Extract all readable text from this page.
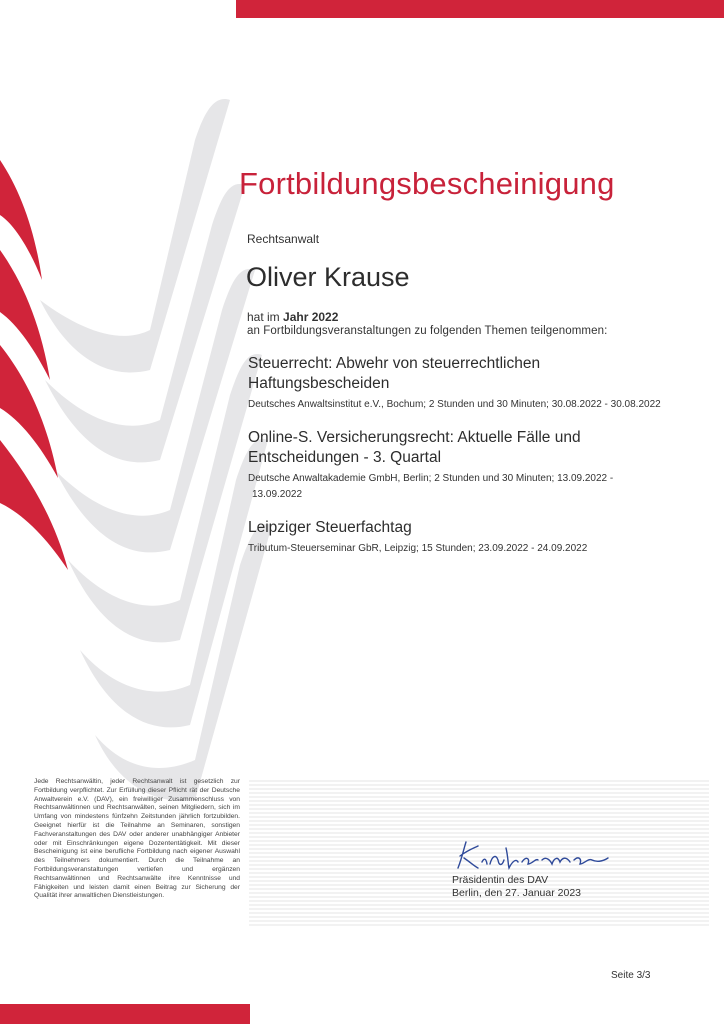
Fortbildungsbescheinigung
Rechtsanwalt
Oliver Krause
hat im Jahr 2022
an Fortbildungsveranstaltungen zu folgenden Themen teilgenommen:
Steuerrecht: Abwehr von steuerrechtlichen
Haftungsbescheiden
Deutsches Anwaltsinstitut e.V., Bochum; 2 Stunden und 30 Minuten; 30.08.2022 - 30.08.2022
Online-S. Versicherungsrecht: Aktuelle Fälle und
Entscheidungen - 3. Quartal
Deutsche Anwaltakademie GmbH, Berlin; 2 Stunden und 30 Minuten; 13.09.2022 -
13.09.2022
Leipziger Steuerfachtag
Tributum-Steuerseminar GbR, Leipzig; 15 Stunden; 23.09.2022 - 24.09.2022
Jede Rechtsanwältin, jeder Rechtsanwalt ist gesetzlich zur Fortbildung verpflichtet. Zur Erfüllung dieser Pflicht rät der Deutsche Anwaltverein e.V. (DAV), ein freiwilliger Zusammenschluss von Rechtsanwältinnen und Rechtsanwälten, seinen Mitgliedern, sich im Umfang von mindestens fünfzehn Zeitstunden jährlich fortzubilden. Geeignet hierfür ist die Teilnahme an Seminaren, sonstigen Fachveranstaltungen des DAV oder anderer unabhängiger Anbieter oder mit Einschränkungen eigene Dozententätigkeit. Mit dieser Bescheinigung ist eine berufliche Fortbildung nach eigener Auswahl des Teilnehmers dokumentiert. Durch die Teilnahme an Fortbildungsveranstaltungen vertiefen und ergänzen Rechtsanwältinnen und Rechtsanwälte ihre Kenntnisse und Fähigkeiten und leisten damit einen Beitrag zur Sicherung der Qualität ihrer anwaltlichen Dienstleistungen.
Präsidentin des DAV
Berlin, den 27. Januar 2023
Seite 3/3
